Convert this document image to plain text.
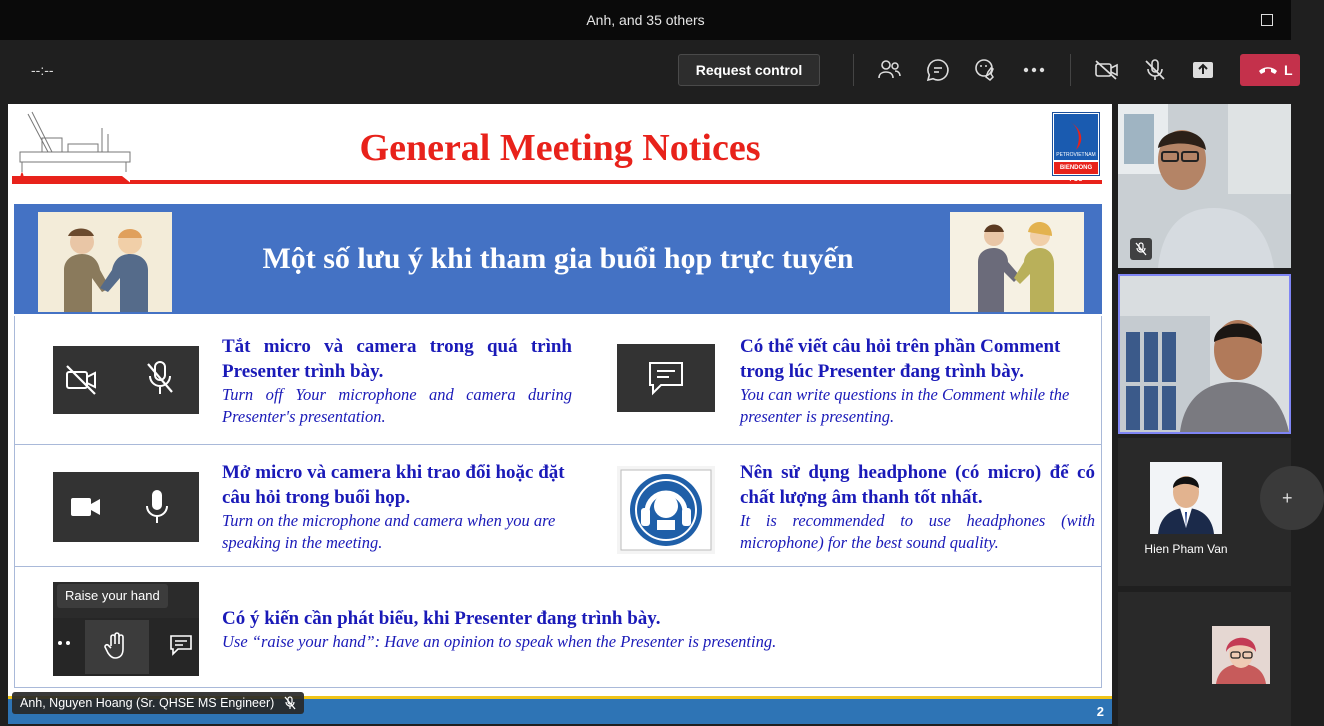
Anh, and 35 others
--:--	Request control	L
General Meeting Notices	PETROVIETNAM
BIENDONG POC
Một số lưu ý khi tham gia buổi họp trực tuyến
Tắt micro và camera trong quá trình Presenter trình bày.
Turn off Your microphone and camera during Presenter's presentation.
Có thể viết câu hỏi trên phần Comment trong lúc Presenter đang trình bày.
You can write questions in the Comment while the presenter is presenting.
Mở micro và camera khi trao đổi hoặc đặt câu hỏi trong buổi họp.
Turn on the microphone and camera when you are speaking in the meeting.
Nên sử dụng headphone (có micro) để có chất lượng âm thanh tốt nhất.
It is recommended to use headphones (with microphone) for the best sound quality.
Raise your hand
Có ý kiến cần phát biểu, khi Presenter đang trình bày.
Use “raise your hand”: Have an opinion to speak when the Presenter is presenting.
2
Anh, Nguyen Hoang (Sr. QHSE MS Engineer)
Hien Pham Van
+
